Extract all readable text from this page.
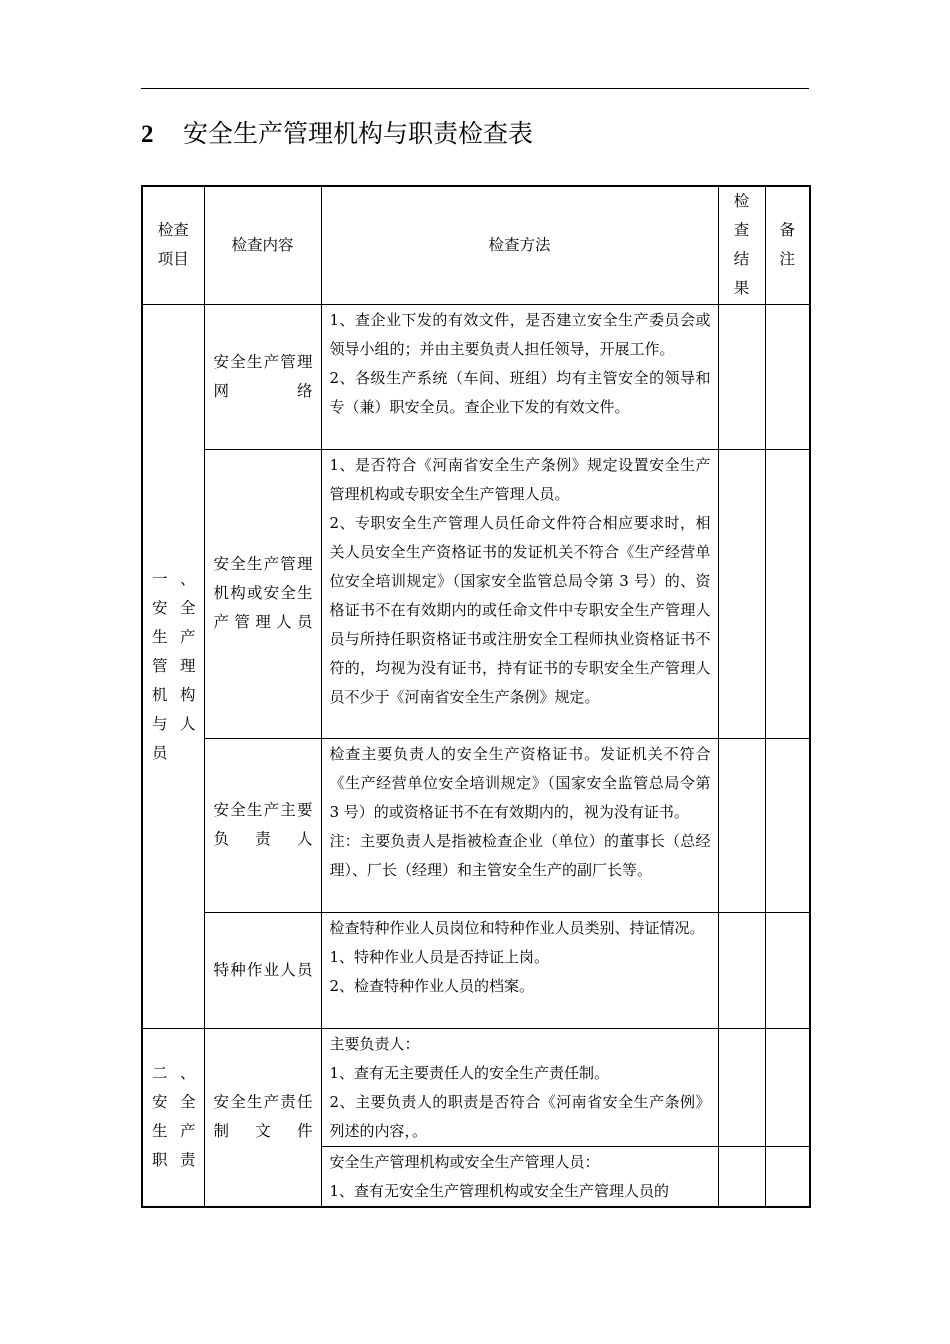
2 安全生产管理机构与职责检查表
检查项目	检查内容	检查方法	检查结果	备注

一、安全生产管理机构与人员	安全生产管理网络	1、查企业下发的有效文件，是否建立安全生产委员会或领导小组的；并由主要负责人担任领导，开展工作。

2、各级生产系统（车间、班组）均有主管安全的领导和专（兼）职安全员。查企业下发的有效文件。		

	安全生产管理机构或安全生产管理人员	1、是否符合《河南省安全生产条例》规定设置安全生产管理机构或专职安全生产管理人员。

2、专职安全生产管理人员任命文件符合相应要求时，相关人员安全生产资格证书的发证机关不符合《生产经营单位安全培训规定》（国家安全监管总局令第 3 号）的、资格证书不在有效期内的或任命文件中专职安全生产管理人员与所持任职资格证书或注册安全工程师执业资格证书不符的，均视为没有证书，持有证书的专职安全生产管理人员不少于《河南省安全生产条例》规定。		

	安全生产主要负责人	检查主要负责人的安全生产资格证书。发证机关不符合《生产经营单位安全培训规定》（国家安全监管总局令第 3 号）的或资格证书不在有效期内的，视为没有证书。

注：主要负责人是指被检查企业（单位）的董事长（总经理）、厂长（经理）和主管安全生产的副厂长等。		

	特种作业人员	检查特种作业人员岗位和特种作业人员类别、持证情况。

1、特种作业人员是否持证上岗。

2、检查特种作业人员的档案。		

二、安全生产职责	安全生产责任制文件	主要负责人：

1、查有无主要责任人的安全生产责任制。

2、主要负责人的职责是否符合《河南省安全生产条例》列述的内容，。		

		安全生产管理机构或安全生产管理人员：

1、查有无安全生产管理机构或安全生产管理人员的		
